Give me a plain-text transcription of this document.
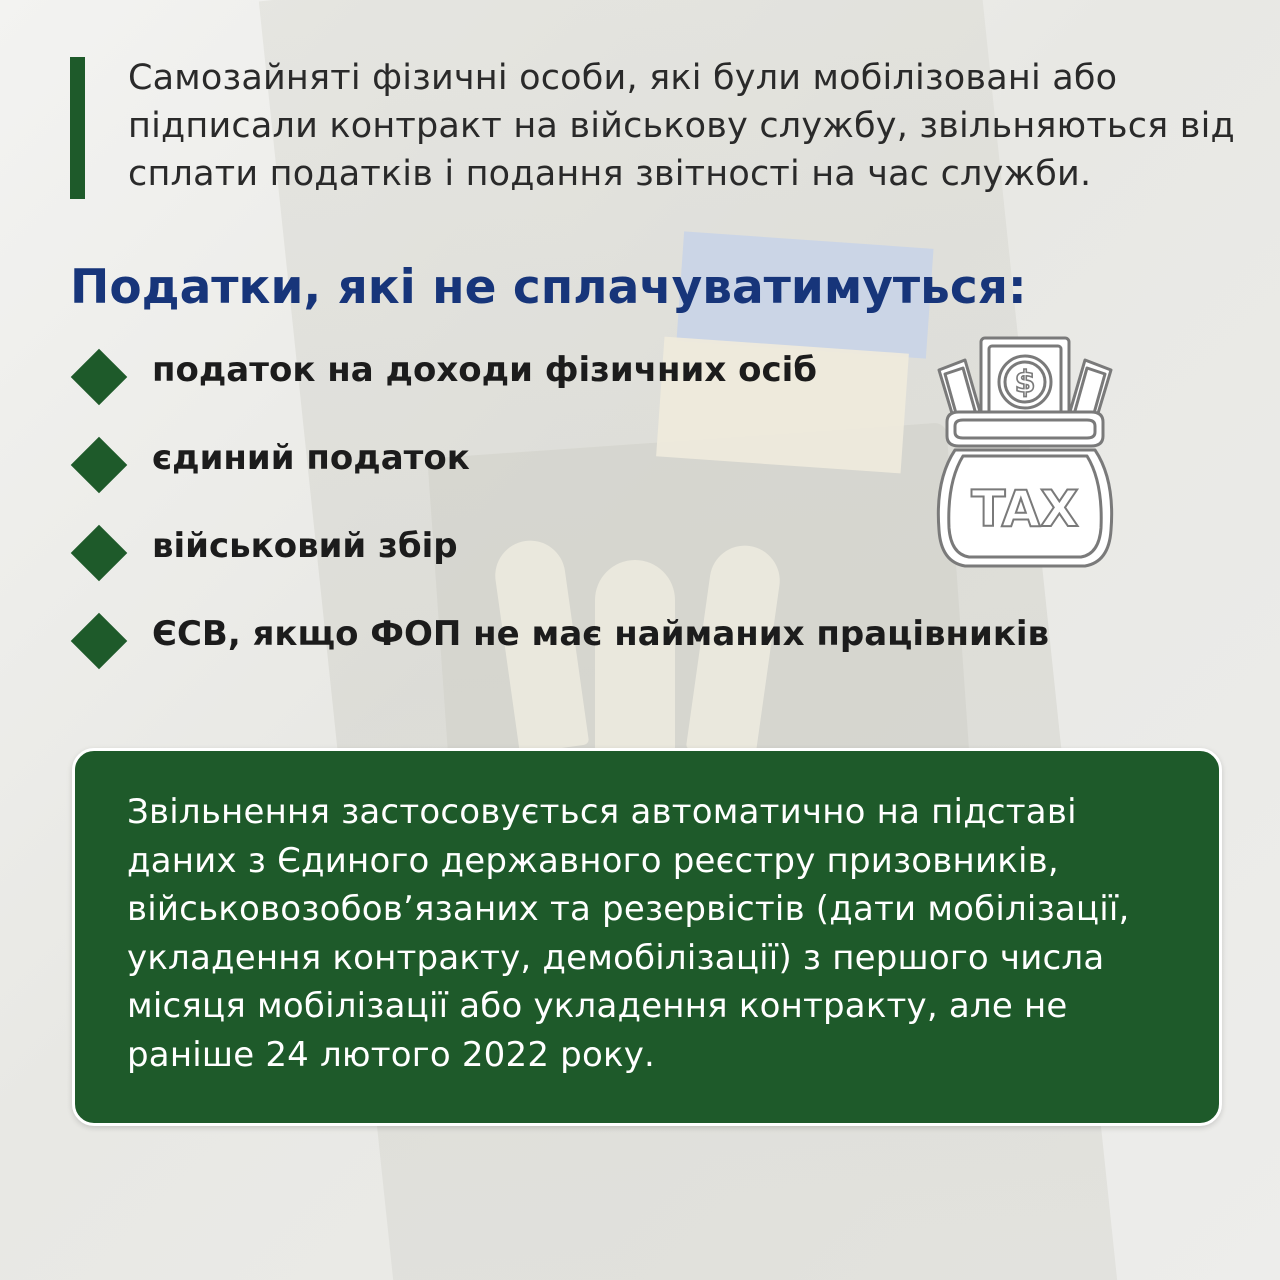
Самозайняті фізичні особи, які були мобілізовані або підписали контракт на військову службу, звільняються від сплати податків і подання звітності на час служби.

Податки, які не сплачуватимуться:
податок на доходи фізичних осіб
єдиний податок
військовий збір
ЄСВ, якщо ФОП не має найманих працівників
$
TAX

Звільнення застосовується автоматично на підставі даних з Єдиного державного реєстру призовників, військовозобов’язаних та резервістів (дати мобілізації, укладення контракту, демобілізації) з першого числа місяця мобілізації або укладення контракту, але не раніше 24 лютого 2022 року.
